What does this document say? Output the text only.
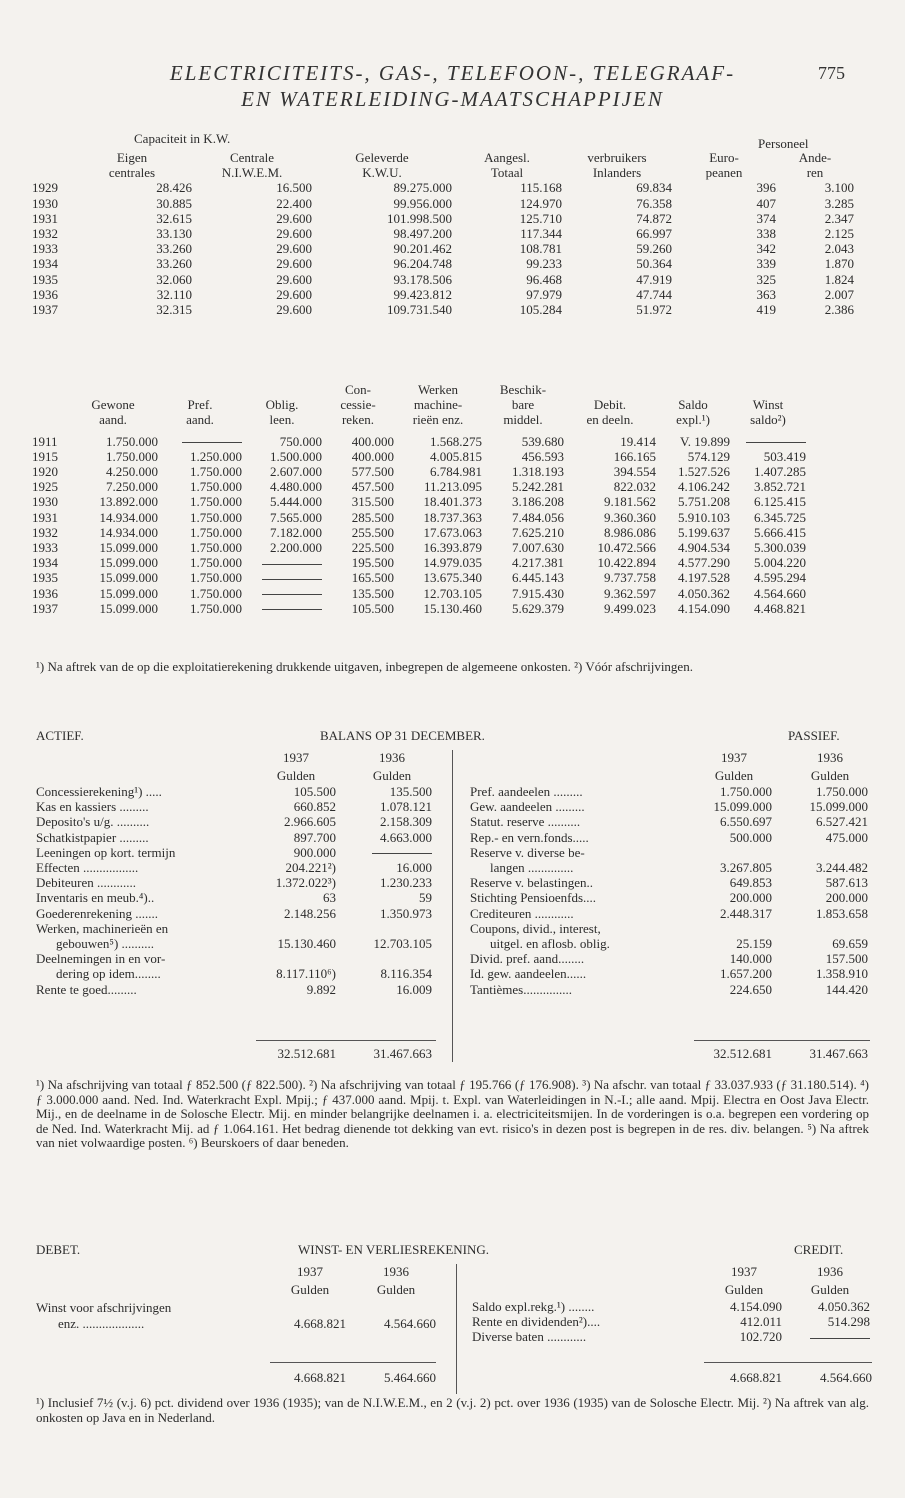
ELECTRICITEITS-, GAS-, TELEFOON-, TELEGRAAF-
EN WATERLEIDING-MAATSCHAPPIJEN
775
Capaciteit in K.W.	Personeel
	Eigen	Centrale	Geleverde	Aangesl.	verbruikers	Euro-	Ande-
	centrales	N.I.W.E.M.	K.W.U.	Totaal	Inlanders	peanen	ren
1929	28.426	16.500	89.275.000	115.168	69.834	396	3.100
1930	30.885	22.400	99.956.000	124.970	76.358	407	3.285
1931	32.615	29.600	101.998.500	125.710	74.872	374	2.347
1932	33.130	29.600	98.497.200	117.344	66.997	338	2.125
1933	33.260	29.600	90.201.462	108.781	59.260	342	2.043
1934	33.260	29.600	96.204.748	99.233	50.364	339	1.870
1935	32.060	29.600	93.178.506	96.468	47.919	325	1.824
1936	32.110	29.600	99.423.812	97.979	47.744	363	2.007
1937	32.315	29.600	109.731.540	105.284	51.972	419	2.386
				Con-	Werken	Beschik-			
	Gewone	Pref.	Oblig.	cessie-	machine-	bare	Debit.	Saldo	Winst
	aand.	aand.	leen.	reken.	rieën enz.	middel.	en deeln.	expl.¹)	saldo²)

1911	1.750.000		750.000	400.000	1.568.275	539.680	19.414	V. 19.899	
1915	1.750.000	1.250.000	1.500.000	400.000	4.005.815	456.593	166.165	574.129	503.419
1920	4.250.000	1.750.000	2.607.000	577.500	6.784.981	1.318.193	394.554	1.527.526	1.407.285
1925	7.250.000	1.750.000	4.480.000	457.500	11.213.095	5.242.281	822.032	4.106.242	3.852.721
1930	13.892.000	1.750.000	5.444.000	315.500	18.401.373	3.186.208	9.181.562	5.751.208	6.125.415
1931	14.934.000	1.750.000	7.565.000	285.500	18.737.363	7.484.056	9.360.360	5.910.103	6.345.725
1932	14.934.000	1.750.000	7.182.000	255.500	17.673.063	7.625.210	8.986.086	5.199.637	5.666.415
1933	15.099.000	1.750.000	2.200.000	225.500	16.393.879	7.007.630	10.472.566	4.904.534	5.300.039
1934	15.099.000	1.750.000		195.500	14.979.035	4.217.381	10.422.894	4.577.290	5.004.220
1935	15.099.000	1.750.000		165.500	13.675.340	6.445.143	9.737.758	4.197.528	4.595.294
1936	15.099.000	1.750.000		135.500	12.703.105	7.915.430	9.362.597	4.050.362	4.564.660
1937	15.099.000	1.750.000		105.500	15.130.460	5.629.379	9.499.023	4.154.090	4.468.821
¹) Na aftrek van de op die exploitatierekening drukkende uitgaven, inbegrepen de algemeene onkosten. ²) Vóór afschrijvingen.
ACTIEF.	BALANS OP 31 DECEMBER.	PASSIEF.
1937	1936
Gulden	Gulden
1937	1936
Gulden	Gulden
Concessierekening¹) .....	105.500	135.500
Kas en kassiers .........	660.852	1.078.121
Deposito's u/g. ..........	2.966.605	2.158.309
Schatkistpapier .........	897.700	4.663.000
Leeningen op kort. termijn	900.000	
Effecten .................	204.221²)	16.000
Debiteuren ............	1.372.022³)	1.230.233
Inventaris en meub.⁴)..	63	59
Goederenrekening .......	2.148.256	1.350.973
Werken, machinerieën en		
gebouwen⁵) ..........	15.130.460	12.703.105
Deelnemingen in en vor-		
dering op idem........	8.117.110⁶)	8.116.354
Rente te goed.........	9.892	16.009
Pref. aandeelen .........	1.750.000	1.750.000
Gew. aandeelen .........	15.099.000	15.099.000
Statut. reserve ..........	6.550.697	6.527.421
Rep.- en vern.fonds.....	500.000	475.000
Reserve v. diverse be-		
langen ..............	3.267.805	3.244.482
Reserve v. belastingen..	649.853	587.613
Stichting Pensioenfds....	200.000	200.000
Crediteuren ............	2.448.317	1.853.658
Coupons, divid., interest,		
uitgel. en aflosb. oblig.	25.159	69.659
Divid. pref. aand........	140.000	157.500
Id. gew. aandeelen......	1.657.200	1.358.910
Tantièmes...............	224.650	144.420
32.512.681	31.467.663	32.512.681	31.467.663
¹) Na afschrijving van totaal ƒ 852.500 (ƒ 822.500). ²) Na afschrijving van totaal ƒ 195.766 (ƒ 176.908). ³) Na afschr. van totaal ƒ 33.037.933 (ƒ 31.180.514). ⁴) ƒ 3.000.000 aand. Ned. Ind. Waterkracht Expl. Mpij.; ƒ 437.000 aand. Mpij. t. Expl. van Waterleidingen in N.-I.; alle aand. Mpij. Electra en Oost Java Electr. Mij., en de deelname in de Solosche Electr. Mij. en minder belangrijke deelnamen i. a. electriciteitsmijen. In de vorderingen is o.a. begrepen een vordering op de Ned. Ind. Waterkracht Mij. ad ƒ 1.064.161. Het bedrag dienende tot dekking van evt. risico's in dezen post is begrepen in de res. div. belangen. ⁵) Na aftrek van niet volwaardige posten. ⁶) Beurskoers of daar beneden.
DEBET.	WINST- EN VERLIESREKENING.	CREDIT.
1937	1936
Gulden	Gulden
1937	1936
Gulden	Gulden
Winst voor afschrijvingen
enz. ...................	4.668.821	4.564.660
Saldo expl.rekg.¹) ........	4.154.090	4.050.362
Rente en dividenden²)....	412.011	514.298
Diverse baten ............	102.720	
4.668.821	5.464.660	4.668.821	4.564.660
¹) Inclusief 7½ (v.j. 6) pct. dividend over 1936 (1935); van de N.I.W.E.M., en 2 (v.j. 2) pct. over 1936 (1935) van de Solosche Electr. Mij. ²) Na aftrek van alg. onkosten op Java en in Nederland.
